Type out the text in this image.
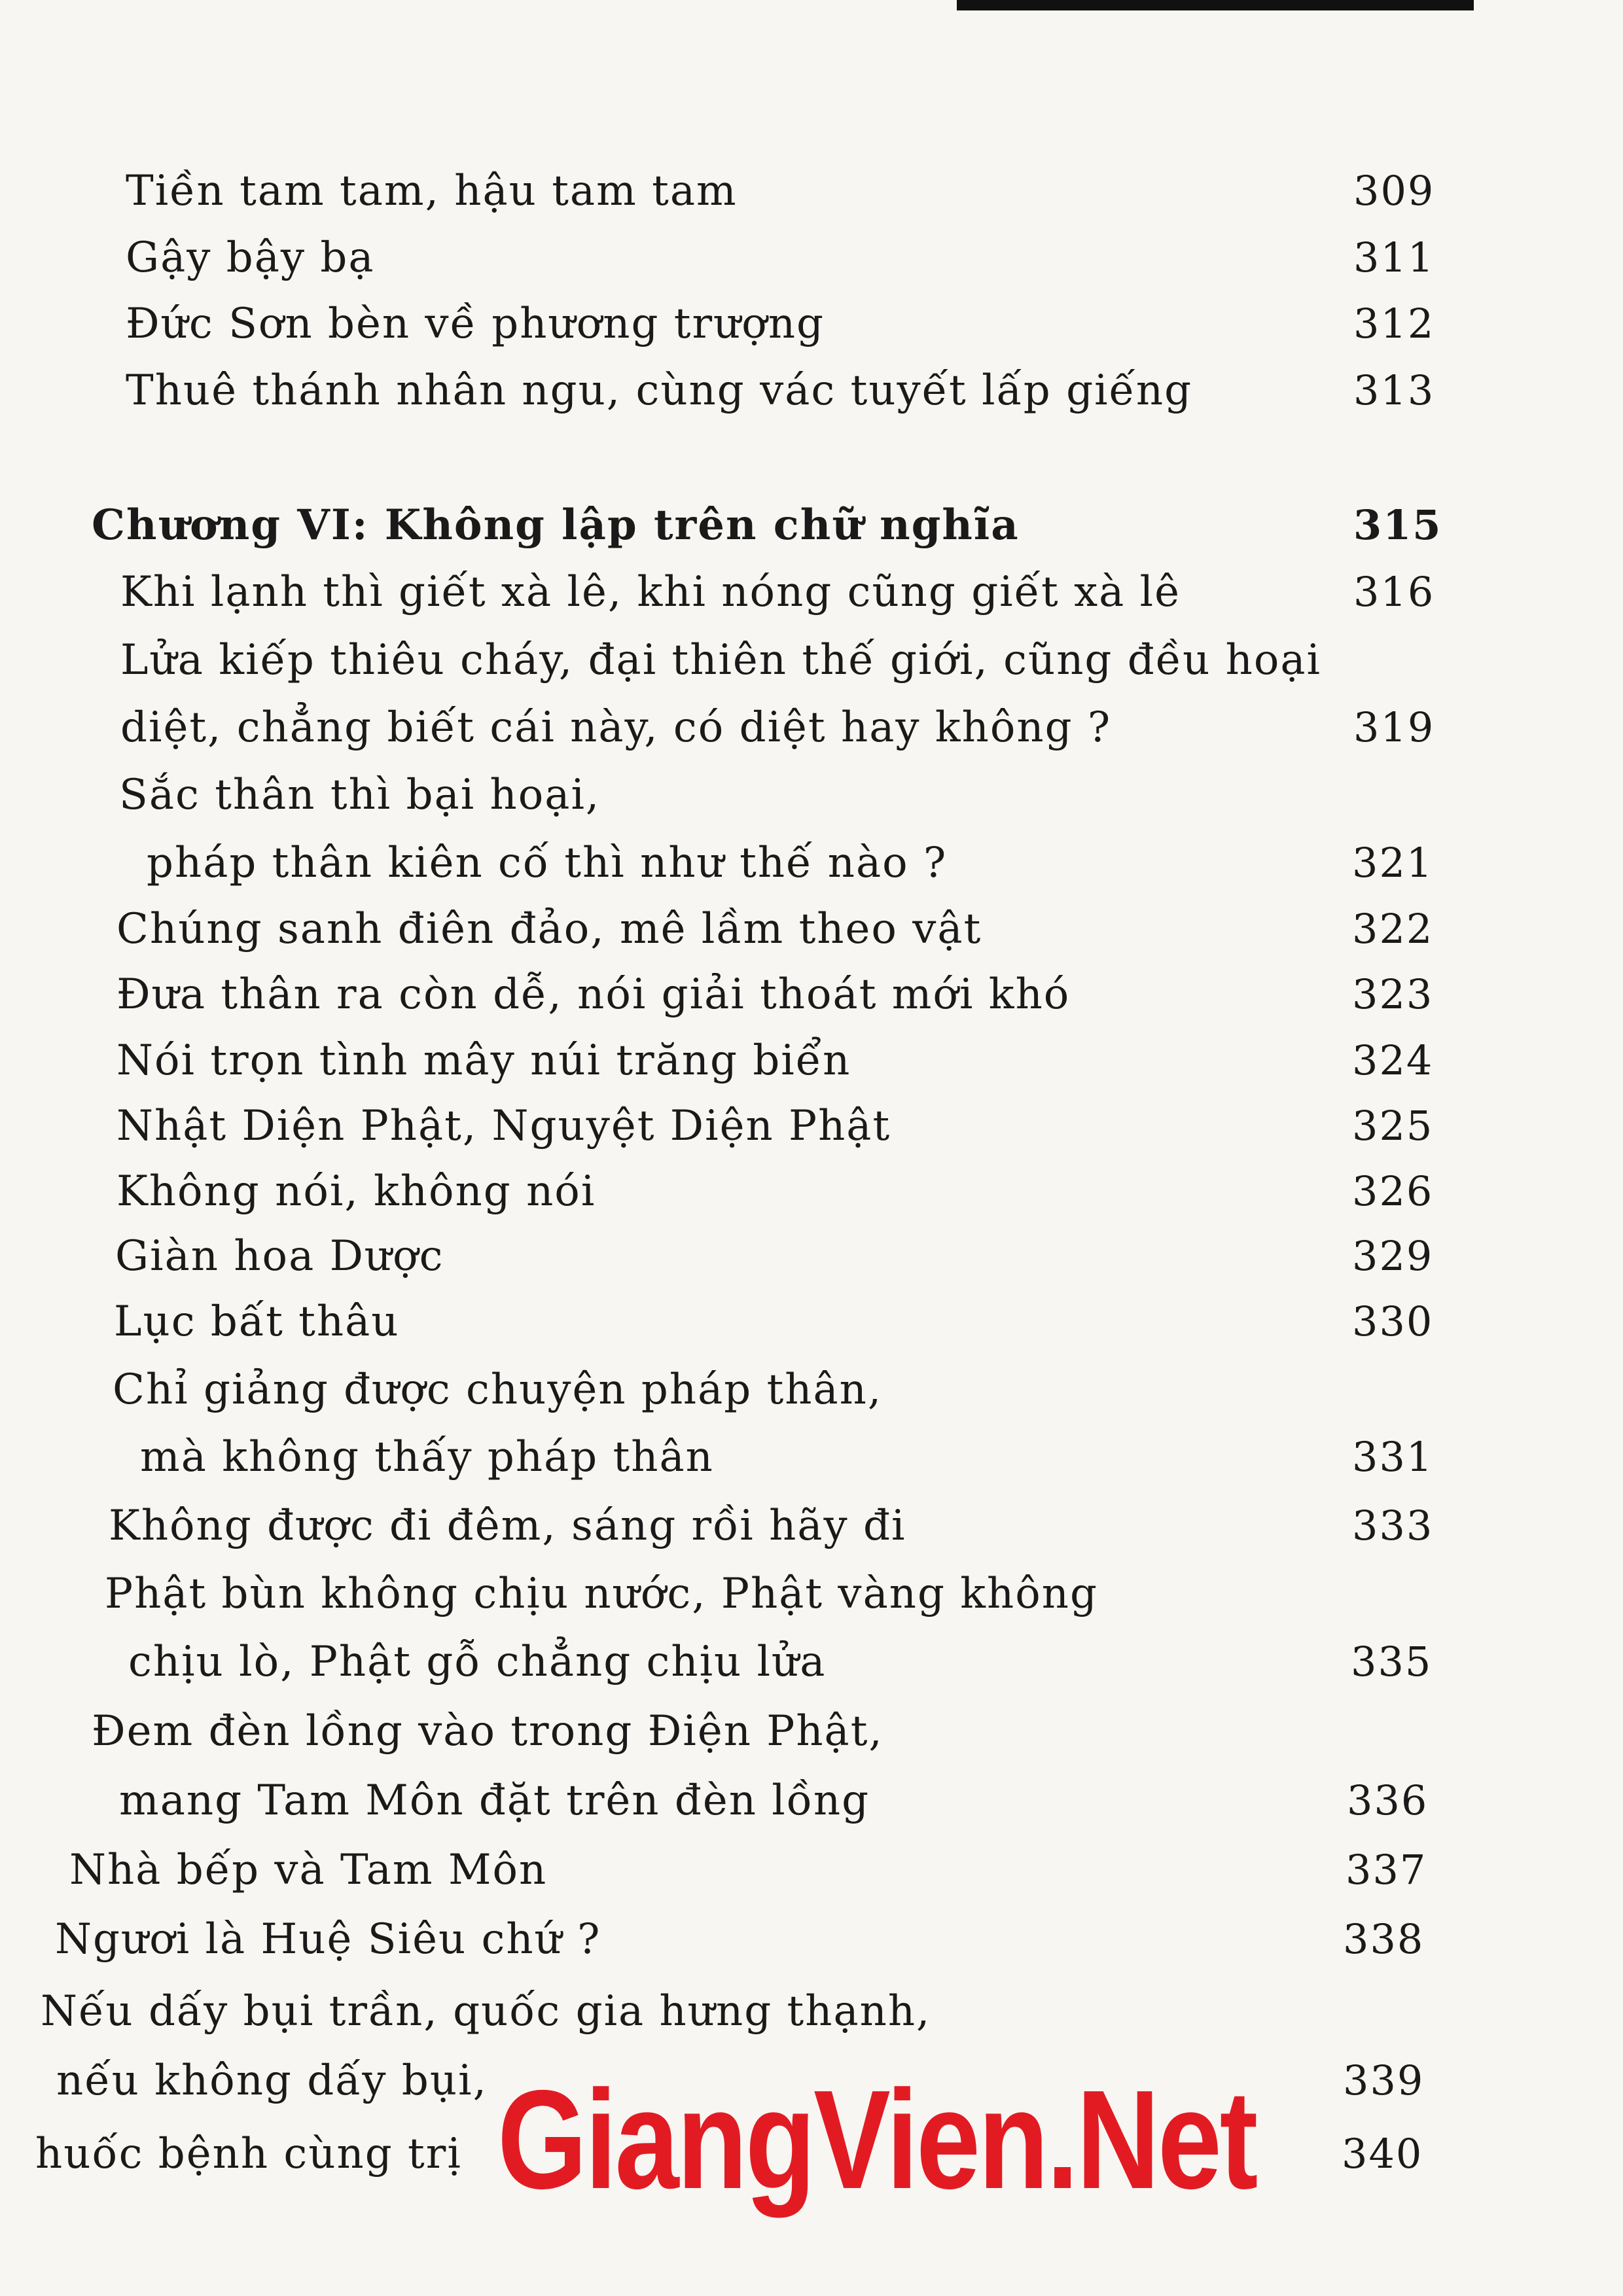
Tiền tam tam, hậu tam tam	309
Gậy bậy bạ	311
Đức Sơn bèn về phương trượng	312
Thuê thánh nhân ngu, cùng vác tuyết lấp giếng	313
Chương VI: Không lập trên chữ nghĩa	315
Khi lạnh thì giết xà lê, khi nóng cũng giết xà lê	316
Lửa kiếp thiêu cháy, đại thiên thế giới, cũng đều hoại
diệt, chẳng biết cái này, có diệt hay không ?	319
Sắc thân thì bại hoại,
pháp thân kiên cố thì như thế nào ?	321
Chúng sanh điên đảo, mê lầm theo vật	322
Đưa thân ra còn dễ, nói giải thoát mới khó	323
Nói trọn tình mây núi trăng biển	324
Nhật Diện Phật, Nguyệt Diện Phật	325
Không nói, không nói	326
Giàn hoa Dược	329
Lục bất thâu	330
Chỉ giảng được chuyện pháp thân,
mà không thấy pháp thân	331
Không được đi đêm, sáng rồi hãy đi	333
Phật bùn không chịu nước, Phật vàng không
chịu lò, Phật gỗ chẳng chịu lửa	335
Đem đèn lồng vào trong Điện Phật,
mang Tam Môn đặt trên đèn lồng	336
Nhà bếp và Tam Môn	337
Ngươi là Huệ Siêu chứ ?	338
Nếu dấy bụi trần, quốc gia hưng thạnh,
nếu không dấy bụi,	339
huốc bệnh cùng trị	340
GiangVien.Net
